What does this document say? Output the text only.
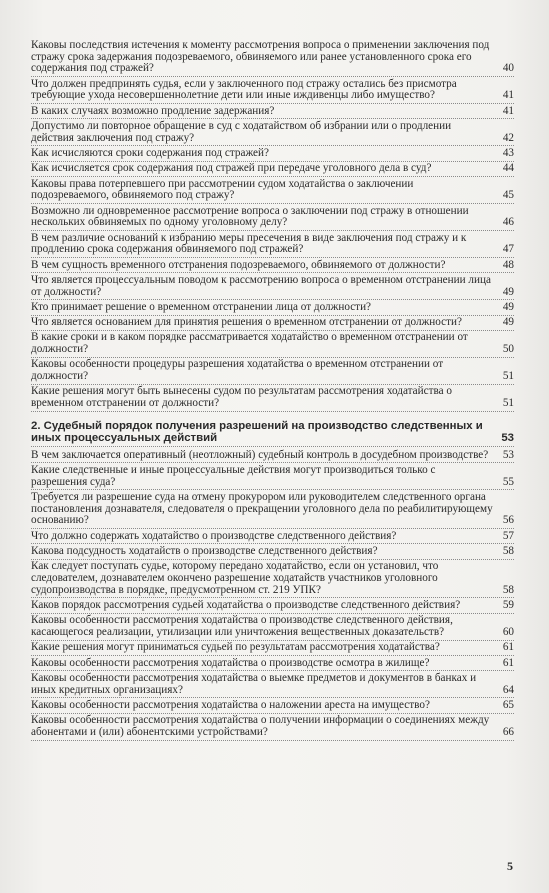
Каковы последствия истечения к моменту рассмотрения вопроса о применении заключения под стражу срока задержания подозреваемого, обвиняемого или ранее установленного срока его содержания под стражей?	40
Что должен предпринять судья, если у заключенного под стражу остались без присмотра требующие ухода несовершеннолетние дети или иные иждивенцы либо имущество?	41
В каких случаях возможно продление задержания?	41
Допустимо ли повторное обращение в суд с ходатайством об избрании или о продлении действия заключения под стражу?	42
Как исчисляются сроки содержания под стражей?	43
Как исчисляется срок содержания под стражей при передаче уголовного дела в суд?	44
Каковы права потерпевшего при рассмотрении судом ходатайства о заключении подозреваемого, обвиняемого под стражу?	45
Возможно ли одновременное рассмотрение вопроса о заключении под стражу в отношении нескольких обвиняемых по одному уголовному делу?	46
В чем различие оснований к избранию меры пресечения в виде заключения под стражу и к продлению срока содержания обвиняемого под стражей?	47
В чем сущность временного отстранения подозреваемого, обвиняемого от должности?	48
Что является процессуальным поводом к рассмотрению вопроса о временном отстранении лица от должности?	49
Кто принимает решение о временном отстранении лица от должности?	49
Что является основанием для принятия решения о временном отстранении от должности?	49
В какие сроки и в каком порядке рассматривается ходатайство о временном отстранении от должности?	50
Каковы особенности процедуры разрешения ходатайства о временном отстранении от должности?	51
Какие решения могут быть вынесены судом по результатам рассмотрения ходатайства о временном отстранении от должности?	51
2. Судебный порядок получения разрешений на производство следственных и иных процессуальных действий	53
В чем заключается оперативный (неотложный) судебный контроль в досудебном производстве? 53
Какие следственные и иные процессуальные действия могут производиться только с разрешения суда?	55
Требуется ли разрешение суда на отмену прокурором или руководителем следственного органа постановления дознавателя, следователя о прекращении уголовного дела по реабилитирующему основанию?	56
Что должно содержать ходатайство о производстве следственного действия?	57
Какова подсудность ходатайств о производстве следственного действия?	58
Как следует поступать судье, которому передано ходатайство, если он установил, что следователем, дознавателем окончено разрешение ходатайств участников уголовного судопроизводства в порядке, предусмотренном ст. 219 УПК?	58
Каков порядок рассмотрения судьей ходатайства о производстве следственного действия?	59
Каковы особенности рассмотрения ходатайства о производстве следственного действия, касающегося реализации, утилизации или уничтожения вещественных доказательств?	60
Какие решения могут приниматься судьей по результатам рассмотрения ходатайства?	61
Каковы особенности рассмотрения ходатайства о производстве осмотра в жилище?	61
Каковы особенности рассмотрения ходатайства о выемке предметов и документов в банках и иных кредитных организациях?	64
Каковы особенности рассмотрения ходатайства о наложении ареста на имущество?	65
Каковы особенности рассмотрения ходатайства о получении информации о соединениях между абонентами и (или) абонентскими устройствами?	66
5
